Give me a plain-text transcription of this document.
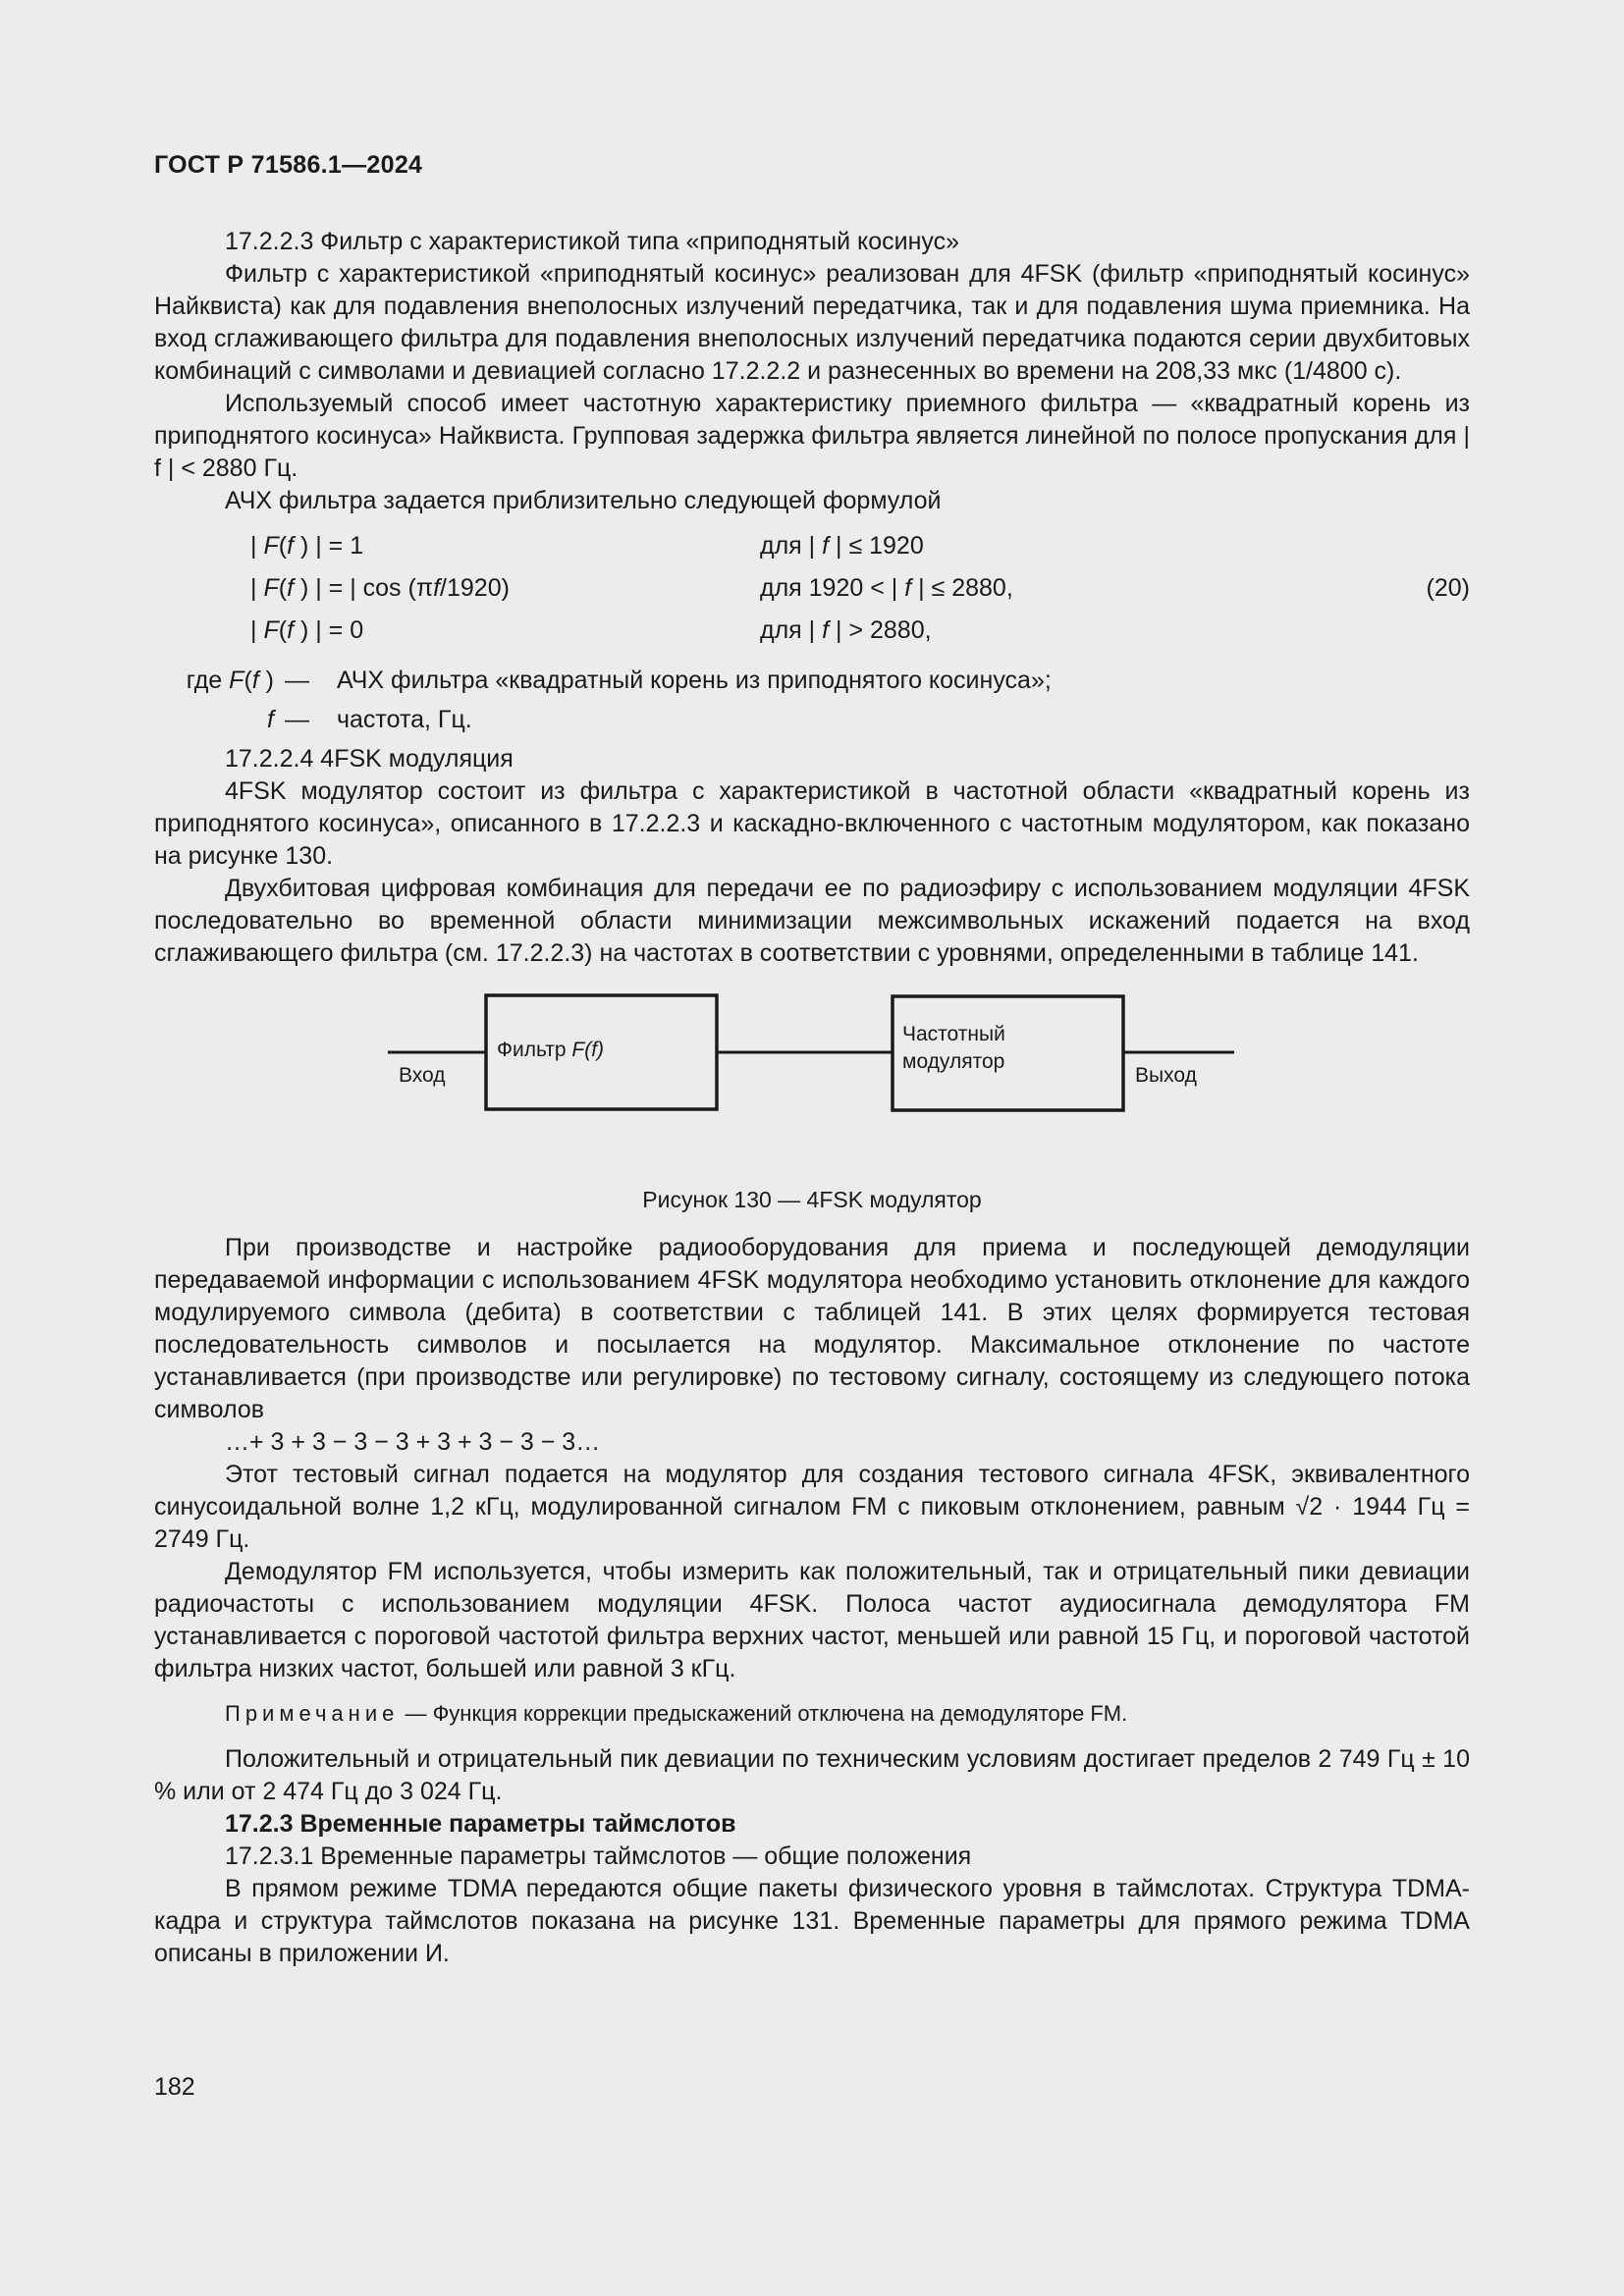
ГОСТ Р 71586.1—2024

17.2.2.3 Фильтр с характеристикой типа «приподнятый косинус»

Фильтр с характеристикой «приподнятый косинус» реализован для 4FSK (фильтр «приподнятый косинус» Найквиста) как для подавления внеполосных излучений передатчика, так и для подавления шума приемника. На вход сглаживающего фильтра для подавления внеполосных излучений передатчика подаются серии двухбитовых комбинаций с символами и девиацией согласно 17.2.2.2 и разнесенных во времени на 208,33 мкс (1/4800 с).

Используемый способ имеет частотную характеристику приемного фильтра — «квадратный корень из приподнятого косинуса» Найквиста. Групповая задержка фильтра является линейной по полосе пропускания для | f | < 2880 Гц.

АЧХ фильтра задается приблизительно следующей формулой

| F(f ) | = 1	для | f | ≤ 1920
| F(f ) | = | cos (πf/1920)	для 1920 < | f | ≤ 2880,	(20)
| F(f ) | = 0	для | f | > 2880,
где F(f ) — АЧХ фильтра «квадратный корень из приподнятого косинуса»;
f — частота, Гц.

17.2.2.4 4FSK модуляция

4FSK модулятор состоит из фильтра с характеристикой в частотной области «квадратный корень из приподнятого косинуса», описанного в 17.2.2.3 и каскадно-включенного с частотным модулятором, как показано на рисунке 130.

Двухбитовая цифровая комбинация для передачи ее по радиоэфиру с использованием модуляции 4FSK последовательно во временной области минимизации межсимвольных искажений подается на вход сглаживающего фильтра (см. 17.2.2.3) на частотах в соответствии с уровнями, определенными в таблице 141.

Вход
Фильтр F(f)
Частотный
модулятор
Выход
Рисунок 130 — 4FSK модулятор

При производстве и настройке радиооборудования для приема и последующей демодуляции передаваемой информации с использованием 4FSK модулятора необходимо установить отклонение для каждого модулируемого символа (дебита) в соответствии с таблицей 141. В этих целях формируется тестовая последовательность символов и посылается на модулятор. Максимальное отклонение по частоте устанавливается (при производстве или регулировке) по тестовому сигналу, состоящему из следующего потока символов

…+ 3 + 3 − 3 − 3 + 3 + 3 − 3 − 3…

Этот тестовый сигнал подается на модулятор для создания тестового сигнала 4FSK, эквивалентного синусоидальной волне 1,2 кГц, модулированной сигналом FM с пиковым отклонением, равным √2 · 1944 Гц = 2749 Гц.

Демодулятор FM используется, чтобы измерить как положительный, так и отрицательный пики девиации радиочастоты с использованием модуляции 4FSK. Полоса частот аудиосигнала демодулятора FM устанавливается с пороговой частотой фильтра верхних частот, меньшей или равной 15 Гц, и пороговой частотой фильтра низких частот, большей или равной 3 кГц.

Примечание — Функция коррекции предыскажений отключена на демодуляторе FM.

Положительный и отрицательный пик девиации по техническим условиям достигает пределов 2 749 Гц ± 10 % или от 2 474 Гц до 3 024 Гц.

17.2.3 Временные параметры таймслотов

17.2.3.1 Временные параметры таймслотов — общие положения

В прямом режиме TDMA передаются общие пакеты физического уровня в таймслотах. Структура TDMA-кадра и структура таймслотов показана на рисунке 131. Временные параметры для прямого режима TDMA описаны в приложении И.

182
